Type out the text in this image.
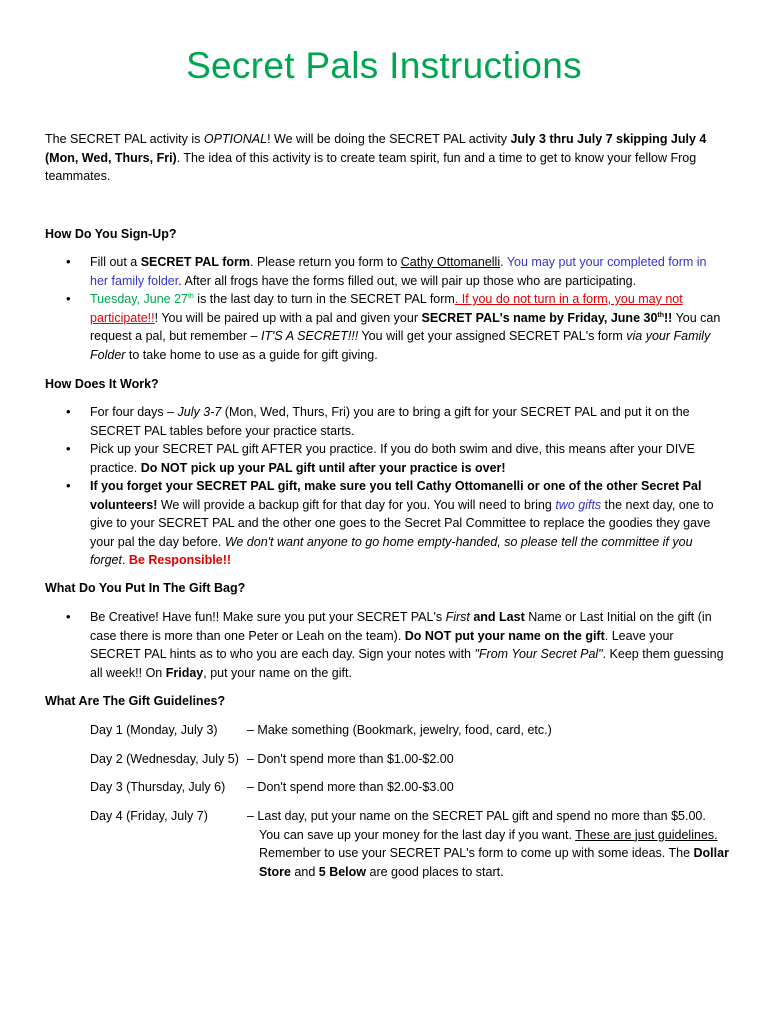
Secret Pals Instructions
The SECRET PAL activity is OPTIONAL! We will be doing the SECRET PAL activity July 3 thru July 7 skipping July 4 (Mon, Wed, Thurs, Fri). The idea of this activity is to create team spirit, fun and a time to get to know your fellow Frog teammates.
How Do You Sign-Up?
• Fill out a SECRET PAL form. Please return you form to Cathy Ottomanelli. You may put your completed form in her family folder. After all frogs have the forms filled out, we will pair up those who are participating.
• Tuesday, June 27th is the last day to turn in the SECRET PAL form. If you do not turn in a form, you may not participate!!! You will be paired up with a pal and given your SECRET PAL's name by Friday, June 30th!! You can request a pal, but remember – IT'S A SECRET!!! You will get your assigned SECRET PAL's form via your Family Folder to take home to use as a guide for gift giving.
How Does It Work?
• For four days – July 3-7 (Mon, Wed, Thurs, Fri) you are to bring a gift for your SECRET PAL and put it on the SECRET PAL tables before your practice starts.
• Pick up your SECRET PAL gift AFTER you practice. If you do both swim and dive, this means after your DIVE practice. Do NOT pick up your PAL gift until after your practice is over!
• If you forget your SECRET PAL gift, make sure you tell Cathy Ottomanelli or one of the other Secret Pal volunteers! We will provide a backup gift for that day for you. You will need to bring two gifts the next day, one to give to your SECRET PAL and the other one goes to the Secret Pal Committee to replace the goodies they gave your pal the day before. We don't want anyone to go home empty-handed, so please tell the committee if you forget. Be Responsible!!
What Do You Put In The Gift Bag?
• Be Creative! Have fun!! Make sure you put your SECRET PAL's First and Last Name or Last Initial on the gift (in case there is more than one Peter or Leah on the team). Do NOT put your name on the gift. Leave your SECRET PAL hints as to who you are each day. Sign your notes with "From Your Secret Pal". Keep them guessing all week!! On Friday, put your name on the gift.
What Are The Gift Guidelines?
Day 1 (Monday, July 3)	– Make something (Bookmark, jewelry, food, card, etc.)
Day 2 (Wednesday, July 5) – Don't spend more than $1.00-$2.00
Day 3 (Thursday, July 6)	– Don't spend more than $2.00-$3.00
Day 4 (Friday, July 7)	– Last day, put your name on the SECRET PAL gift and spend no more than $5.00. You can save up your money for the last day if you want. These are just guidelines. Remember to use your SECRET PAL's form to come up with some ideas. The Dollar Store and 5 Below are good places to start.
